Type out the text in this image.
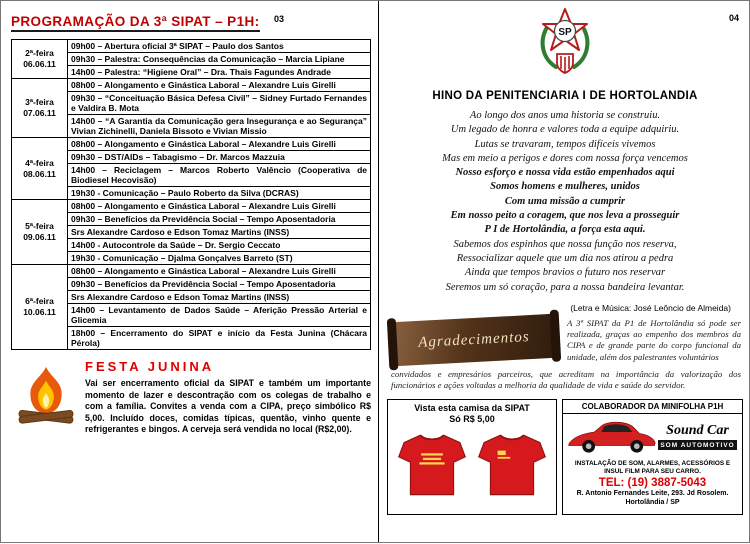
PROGRAMAÇÃO DA 3ª SIPAT – P1H: $^{03}$
2ª-feira
06.06.11
09h00 – Abertura oficial 3ª SIPAT – Paulo dos Santos
09h30 – Palestra: Consequências da Comunicação – Marcia Lipiane
14h00 – Palestra: “Higiene Oral” – Dra. Thais Fagundes Andrade
3ª-feira
07.06.11
08h00 – Alongamento e Ginástica Laboral – Alexandre Luis Girelli
09h30 – “Conceituação Básica Defesa Civil” – Sidney Furtado Fernandes e Valdira B. Mota
14h00 – “A Garantia da Comunicação gera Insegurança e ao Segurança” Vivian Zichinelli, Daniela Bissoto e Vivian Missio
4ª-feira
08.06.11
08h00 – Alongamento e Ginástica Laboral – Alexandre Luis Girelli
09h30 – DST/AIDs – Tabagismo – Dr. Marcos Mazzuia
14h00 – Reciclagem – Marcos Roberto Valêncio (Cooperativa de Biodiesel Hecovisão)
19h30 - Comunicação – Paulo Roberto da Silva (DCRAS)
5ª-feira
09.06.11
08h00 – Alongamento e Ginástica Laboral – Alexandre Luis Girelli
09h30 – Benefícios da Previdência Social – Tempo Aposentadoria
Srs Alexandre Cardoso e Edson Tomaz Martins (INSS)
14h00 - Autocontrole da Saúde – Dr. Sergio Ceccato
19h30 - Comunicação – Djalma Gonçalves Barreto (ST)
6ª-feira
10.06.11
08h00 – Alongamento e Ginástica Laboral – Alexandre Luis Girelli
09h30 – Benefícios da Previdência Social – Tempo Aposentadoria
Srs Alexandre Cardoso e Edson Tomaz Martins (INSS)
14h00 – Levantamento de Dados Saúde – Aferição Pressão Arterial e Glicemia
18h00 – Encerramento do SIPAT e início da Festa Junina (Chácara Pérola)
FESTA JUNINA
Vai ser encerramento oficial da SIPAT e também um importante momento de lazer e descontração com os colegas de trabalho e com a família. Convites a venda com a CIPA, preço simbólico R$ 5,00. Incluído doces, comidas típicas, quentão, vinho quente e refrigerantes e bingos. A cerveja será vendida no local (R$2,00).
04
SP
HINO DA PENITENCIARIA I DE HORTOLANDIA
Ao longo dos anos uma historia se construiu.
Um legado de honra e valores toda a equipe adquiriu.
Lutas se travaram, tempos difíceis vivemos
Mas em meio a perigos e dores com nossa força vencemos
Nosso esforço e nossa vida estão empenhados aqui
Somos homens e mulheres, unidos
Com uma missão a cumprir
Em nosso peito a coragem, que nos leva a prosseguir
P I de Hortolândia, a força esta aqui.
Sabemos dos espinhos que nossa função nos reserva,
Ressocializar aquele que um dia nos atirou a pedra
Ainda que tempos bravios o futuro nos reservar
Seremos um só coração, para a nossa bandeira levantar.
(Letra e Música: José Leôncio de Almeida)
Agradecimentos
A 3ª SIPAT da P1 de Hortolândia só pode ser realizada, graças ao empenho dos membros da CIPA e de grande parte do corpo funcional da unidade, além dos palestrantes voluntários
convidados e empresários parceiros, que acreditam na importância da valorização dos funcionários e ações voltadas a melhoria da qualidade de vida e saúde do servidor.
Vista esta camisa da SIPAT
Só R$ 5,00
COLABORADOR DA MINIFOLHA P1H
Sound Car
SOM AUTOMOTIVO
INSTALAÇÃO DE SOM, ALARMES, ACESSÓRIOS E INSUL FILM PARA SEU CARRO.
TEL: (19) 3887-5043
R. Antonio Fernandes Leite, 293. Jd Rosolem.
Hortolândia / SP
